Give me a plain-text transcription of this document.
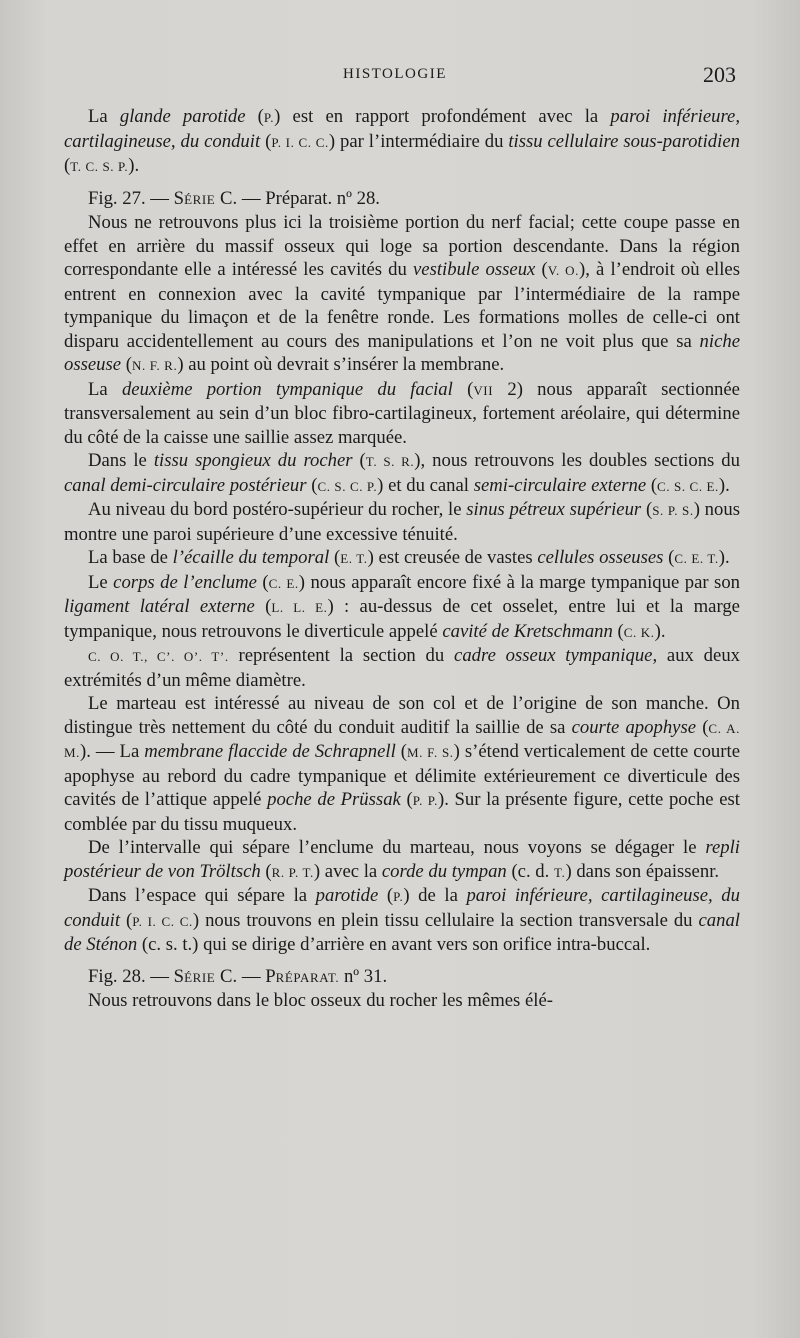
HISTOLOGIE	203

La glande parotide (P.) est en rapport profondément avec la paroi inférieure, cartilagineuse, du conduit (P. I. C. C.) par l’intermédiaire du tissu cellulaire sous-parotidien (T. C. S. P.).

Fig. 27. — SÉRIE C. — Préparat. nº 28.

Nous ne retrouvons plus ici la troisième portion du nerf facial; cette coupe passe en effet en arrière du massif osseux qui loge sa portion descendante. Dans la région correspondante elle a intéressé les cavités du vestibule osseux (V. O.), à l’endroit où elles entrent en connexion avec la cavité tympanique par l’intermédiaire de la rampe tympanique du limaçon et de la fenêtre ronde. Les formations molles de celle-ci ont disparu accidentellement au cours des manipulations et l’on ne voit plus que sa niche osseuse (N. F. R.) au point où devrait s’insérer la membrane.

La deuxième portion tympanique du facial (VII 2) nous apparaît sectionnée transversalement au sein d’un bloc fibro-cartilagineux, fortement aréolaire, qui détermine du côté de la caisse une saillie assez marquée.

Dans le tissu spongieux du rocher (T. S. R.), nous retrouvons les doubles sections du canal demi-circulaire postérieur (C. S. C. P.) et du canal semi-circulaire externe (C. S. C. E.).

Au niveau du bord postéro-supérieur du rocher, le sinus pétreux supérieur (S. P. S.) nous montre une paroi supérieure d’une excessive ténuité.

La base de l’écaille du temporal (E. T.) est creusée de vastes cellules osseuses (C. E. T.).

Le corps de l’enclume (C. E.) nous apparaît encore fixé à la marge tympanique par son ligament latéral externe (L. L. E.) : au-dessus de cet osselet, entre lui et la marge tympanique, nous retrouvons le diverticule appelé cavité de Kretschmann (C. K.).

C. O. T., C’. O’. T’. représentent la section du cadre osseux tympanique, aux deux extrémités d’un même diamètre.

Le marteau est intéressé au niveau de son col et de l’origine de son manche. On distingue très nettement du côté du conduit auditif la saillie de sa courte apophyse (C. A. M.). — La membrane flaccide de Schrapnell (M. F. S.) s’étend verticalement de cette courte apophyse au rebord du cadre tympanique et délimite extérieurement ce diverticule des cavités de l’attique appelé poche de Prüssak (P. P.). Sur la présente figure, cette poche est comblée par du tissu muqueux.

De l’intervalle qui sépare l’enclume du marteau, nous voyons se dégager le repli postérieur de von Tröltsch (R. P. T.) avec la corde du tympan (c. d. T.) dans son épaissenr.

Dans l’espace qui sépare la parotide (P.) de la paroi inférieure, cartilagineuse, du conduit (P. I. C. C.) nous trouvons en plein tissu cellulaire la section transversale du canal de Sténon (c. s. t.) qui se dirige d’arrière en avant vers son orifice intra-buccal.

Fig. 28. — SÉRIE C. — PRÉPARAT. nº 31.

Nous retrouvons dans le bloc osseux du rocher les mêmes élé-
